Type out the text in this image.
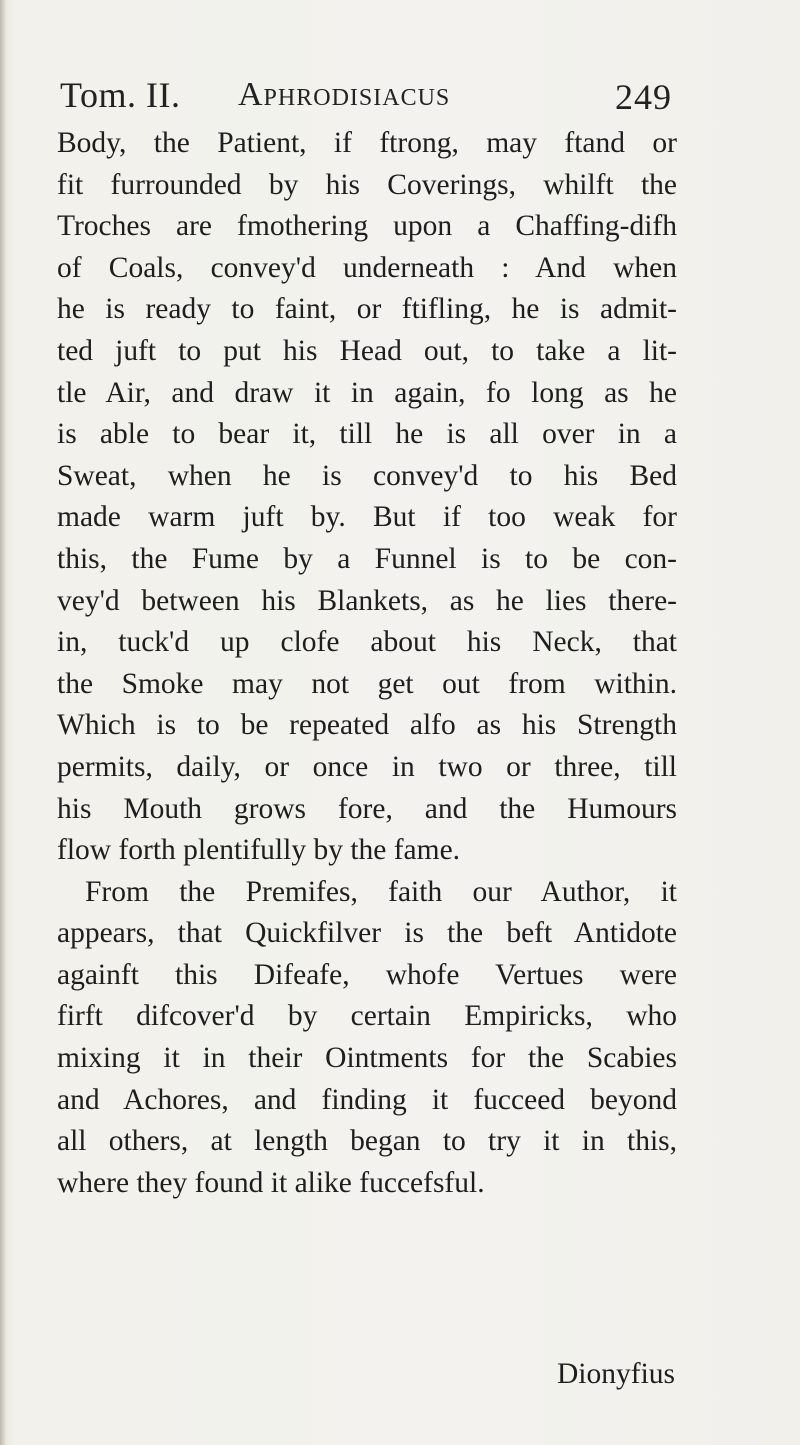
Tom. II. Aphrodisiacus	249
Body, the Patient, if ftrong, may ftand or
fit furrounded by his Coverings, whilft the
Troches are fmothering upon a Chaffing-difh
of Coals, convey'd underneath : And when
he is ready to faint, or ftifling, he is admit-
ted juft to put his Head out, to take a lit-
tle Air, and draw it in again, fo long as he
is able to bear it, till he is all over in a
Sweat, when he is convey'd to his Bed
made warm juft by. But if too weak for
this, the Fume by a Funnel is to be con-
vey'd between his Blankets, as he lies there-
in, tuck'd up clofe about his Neck, that
the Smoke may not get out from within.
Which is to be repeated alfo as his Strength
permits, daily, or once in two or three, till
his Mouth grows fore, and the Humours
flow forth plentifully by the fame.
From the Premifes, faith our Author, it
appears, that Quickfilver is the beft Antidote
againft this Difeafe, whofe Vertues were
firft difcover'd by certain Empiricks, who
mixing it in their Ointments for the Scabies
and Achores, and finding it fucceed beyond
all others, at length began to try it in this,
where they found it alike fuccefsful.
Dionyfius
